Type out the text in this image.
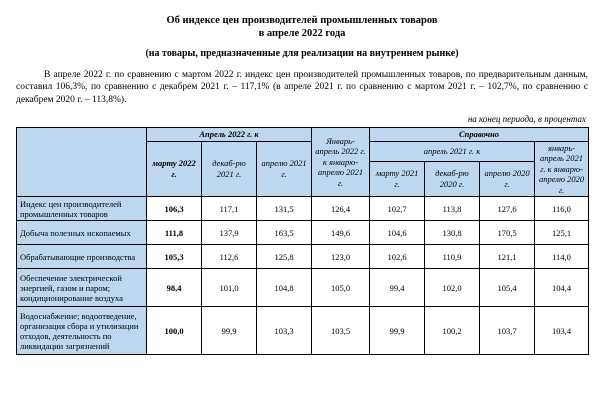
Об индексе цен производителей промышленных товаров
в апреле 2022 года
(на товары, предназначенные для реализации на внутреннем рынке)
В апреле 2022 г. по сравнению с мартом 2022 г. индекс цен производителей промышленных товаров, по предварительным данным, составил 106,3%, по сравнению с декабрем 2021 г. – 117,1% (в апреле 2021 г. по сравнению с мартом 2021 г. – 102,7%, по сравнению с декабрем 2020 г. – 113,8%).
на конец периода, в процентах
	Апрель 2022 г. к			Январь-апрель 2022 г. к январю-апрелю 2021 г.	Справочно			
	марту 2022 г.	декаб-рю 2021 г.	апрелю 2021 г.		апрель 2021 г. к			январь-апрель 2021 г. к январю-апрелю 2020 г.
					марту 2021 г.	декаб-рю 2020 г.	апрелю 2020 г.	
Индекс цен производителей промышленных товаров	106,3	117,1	131,5	126,4	102,7	113,8	127,6	116,0
Добыча полезных ископаемых	111,8	137,9	163,5	149,6	104,6	130,8	170,5	125,1
Обрабатывающие производства	105,3	112,6	125,8	123,0	102,6	110,9	121,1	114,0
Обеспечение электрической энергией, газом и паром; кондиционирование воздуха	98,4	101,0	104,8	105,0	99,4	102,0	105,4	104,4
Водоснабжение; водоотведение, организация сбора и утилизации отходов, деятельность по ликвидации загрязнений	100,0	99,9	103,3	103,5	99,9	100,2	103,7	103,4
